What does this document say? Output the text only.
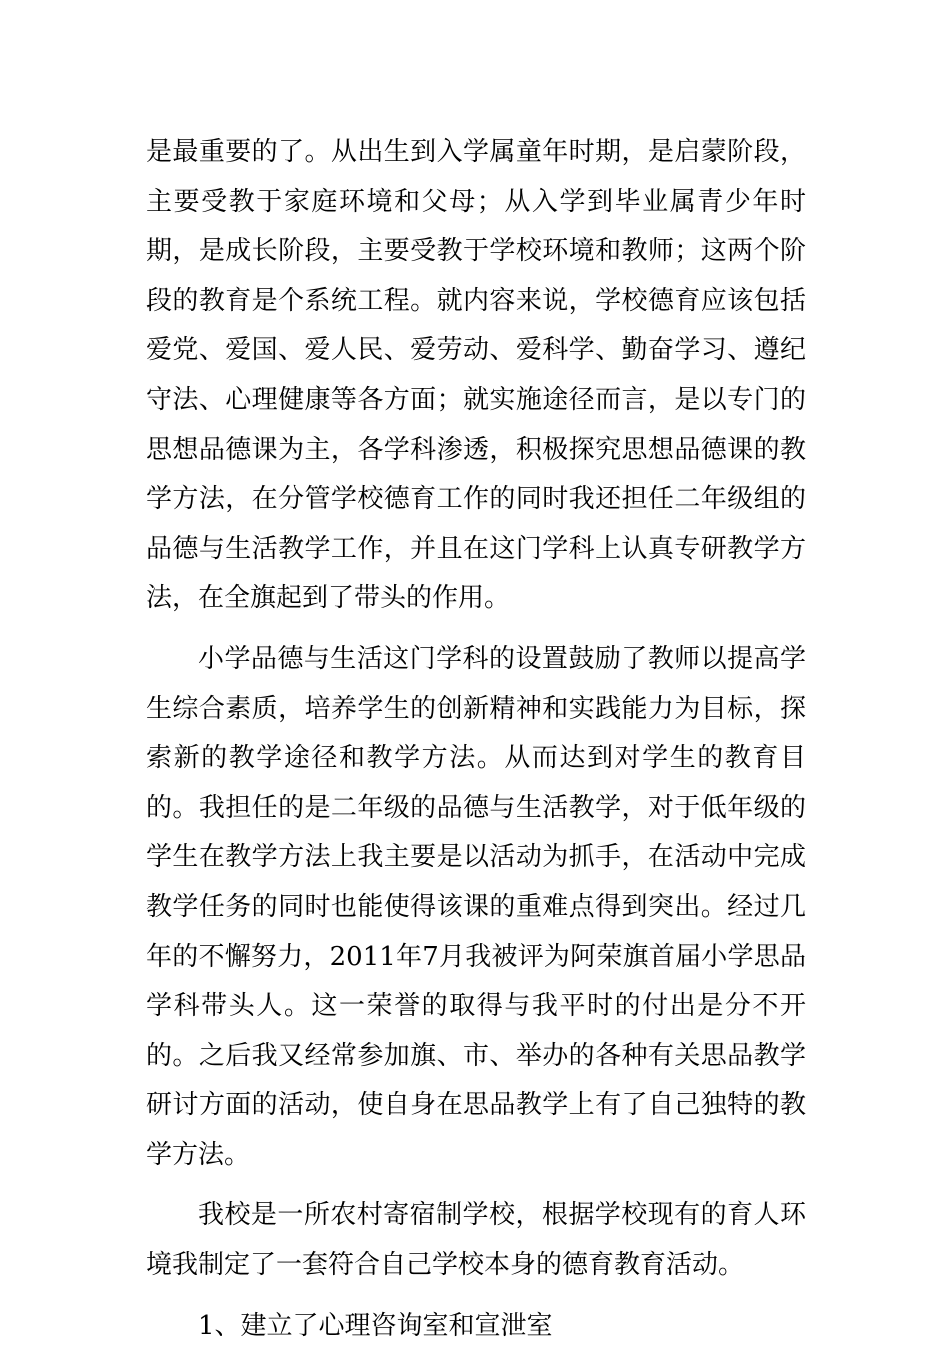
是最重要的了。从出生到入学属童年时期，是启蒙阶段，主要受教于家庭环境和父母；从入学到毕业属青少年时期，是成长阶段，主要受教于学校环境和教师；这两个阶段的教育是个系统工程。就内容来说，学校德育应该包括爱党、爱国、爱人民、爱劳动、爱科学、勤奋学习、遵纪守法、心理健康等各方面；就实施途径而言，是以专门的思想品德课为主，各学科渗透，积极探究思想品德课的教学方法，在分管学校德育工作的同时我还担任二年级组的品德与生活教学工作，并且在这门学科上认真专研教学方法，在全旗起到了带头的作用。

小学品德与生活这门学科的设置鼓励了教师以提高学生综合素质，培养学生的创新精神和实践能力为目标，探索新的教学途径和教学方法。从而达到对学生的教育目的。我担任的是二年级的品德与生活教学，对于低年级的学生在教学方法上我主要是以活动为抓手，在活动中完成教学任务的同时也能使得该课的重难点得到突出。经过几年的不懈努力，2011年7月我被评为阿荣旗首届小学思品学科带头人。这一荣誉的取得与我平时的付出是分不开的。之后我又经常参加旗、市、举办的各种有关思品教学研讨方面的活动，使自身在思品教学上有了自己独特的教学方法。

我校是一所农村寄宿制学校，根据学校现有的育人环境我制定了一套符合自己学校本身的德育教育活动。

1、建立了心理咨询室和宣泄室
